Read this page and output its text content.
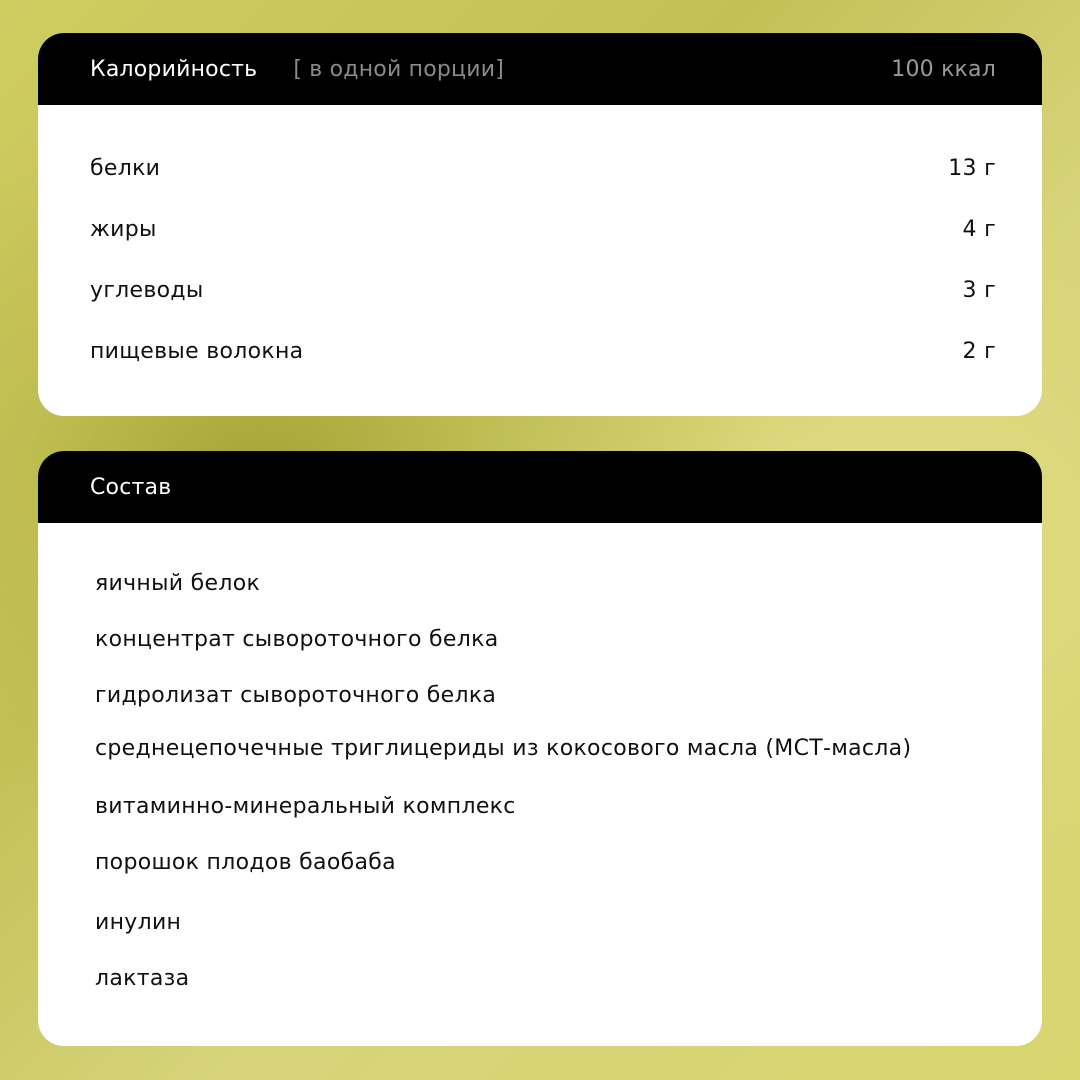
Калорийность [ в одной порции]	100 ккал
белки	13 г
жиры	4 г
углеводы	3 г
пищевые волокна	2 г
Состав
яичный белок
концентрат сывороточного белка
гидролизат сывороточного белка
среднецепочечные триглицериды из кокосового масла (МСТ-масла)
витаминно-минеральный комплекс
порошок плодов баобаба
инулин
лактаза
